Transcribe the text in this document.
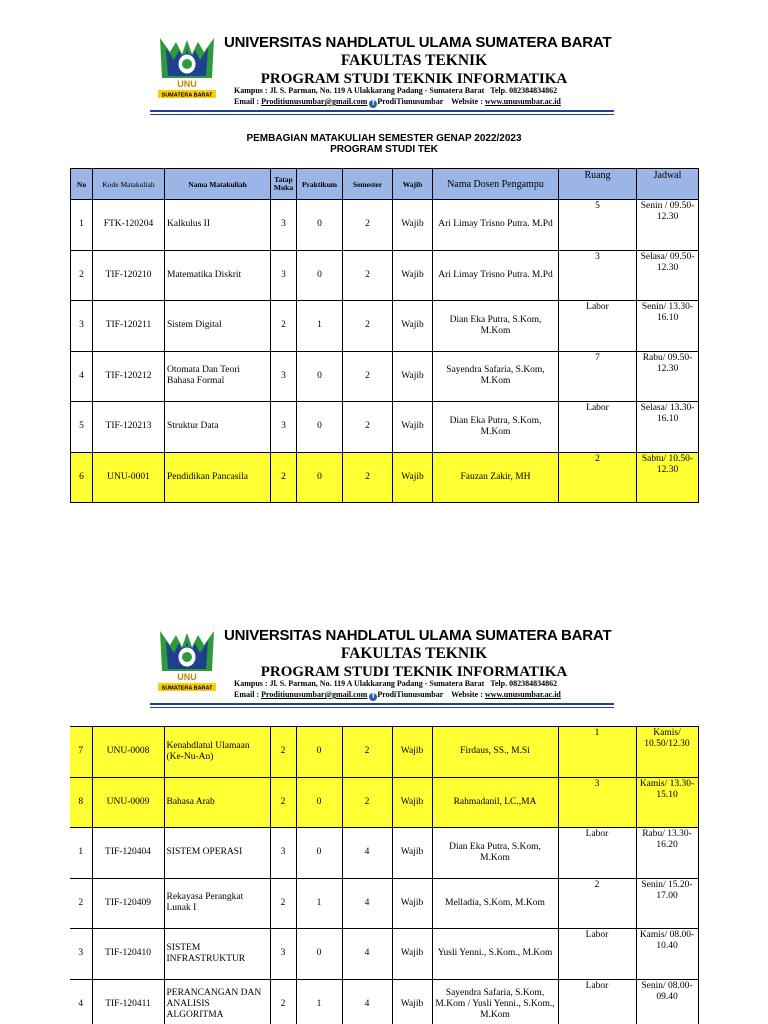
UNU
SUMATERA BARAT
UNIVERSITAS NAHDLATUL ULAMA SUMATERA BARAT
FAKULTAS TEKNIK
PROGRAM STUDI TEKNIK INFORMATIKA
Kampus : Jl. S. Parman, No. 119 A Ulakkarang Padang - Sumatera Barat Telp. 082384834862
Email : Proditiunusumbar@gmail.com f ProdiTiunusumbar Website : www.unusumbar.ac.id
PEMBAGIAN MATAKULIAH SEMESTER GENAP 2022/2023
PROGRAM STUDI TEK
No	Kode Matakuliah	Nama Matakuliah	Tatap Muka	Praktikum	Semester	Wajib	Nama Dosen Pengampu	Ruang	Jadwal
1	FTK-120204	Kalkulus II	3	0	2	Wajib	Ari Limay Trisno Putra. M.Pd	5	Senin / 09.50-12.30
2	TIF-120210	Matematika Diskrit	3	0	2	Wajib	Ari Limay Trisno Putra. M.Pd	3	Selasa/ 09.50-12.30
3	TIF-120211	Sistem Digital	2	1	2	Wajib	Dian Eka Putra, S.Kom, M.Kom	Labor	Senin/ 13.30-16.10
4	TIF-120212	Otomata Dan Teori Bahasa Formal	3	0	2	Wajib	Sayendra Safaria, S.Kom, M.Kom	7	Rabu/ 09.50-12.30
5	TIF-120213	Struktur Data	3	0	2	Wajib	Dian Eka Putra, S.Kom, M.Kom	Labor	Selasa/ 13.30-16.10
6	UNU-0001	Pendidikan Pancasila	2	0	2	Wajib	Fauzan Zakir, MH	2	Sabtu/ 10.50-12.30
UNU
SUMATERA BARAT
UNIVERSITAS NAHDLATUL ULAMA SUMATERA BARAT
FAKULTAS TEKNIK
PROGRAM STUDI TEKNIK INFORMATIKA
Kampus : Jl. S. Parman, No. 119 A Ulakkarang Padang - Sumatera Barat Telp. 082384834862
Email : Proditiunusumbar@gmail.com f ProdiTiunusumbar Website : www.unusumbar.ac.id
7	UNU-0008	Kenahdlatul Ulamaan (Ke-Nu-An)	2	0	2	Wajib	Firdaus, SS., M.Si	1	Kamis/ 10.50/12.30
8	UNU-0009	Bahasa Arab	2	0	2	Wajib	Rahmadanil, LC.,MA	3	Kamis/ 13.30-15.10
1	TIF-120404	SISTEM OPERASI	3	0	4	Wajib	Dian Eka Putra, S.Kom, M.Kom	Labor	Rabu/ 13.30-16.20
2	TIF-120409	Rekayasa Perangkat Lunak I	2	1	4	Wajib	Melladia, S.Kom, M.Kom	2	Senin/ 15.20-17.00
3	TIF-120410	SISTEM INFRASTRUKTUR	3	0	4	Wajib	Yusli Yenni., S.Kom., M.Kom	Labor	Kamis/ 08.00-10.40
4	TIF-120411	PERANCANGAN DAN ANALISIS ALGORITMA	2	1	4	Wajib	Sayendra Safaria, S.Kom, M.Kom / Yusli Yenni., S.Kom., M.Kom	Labor	Senin/ 08.00-09.40
